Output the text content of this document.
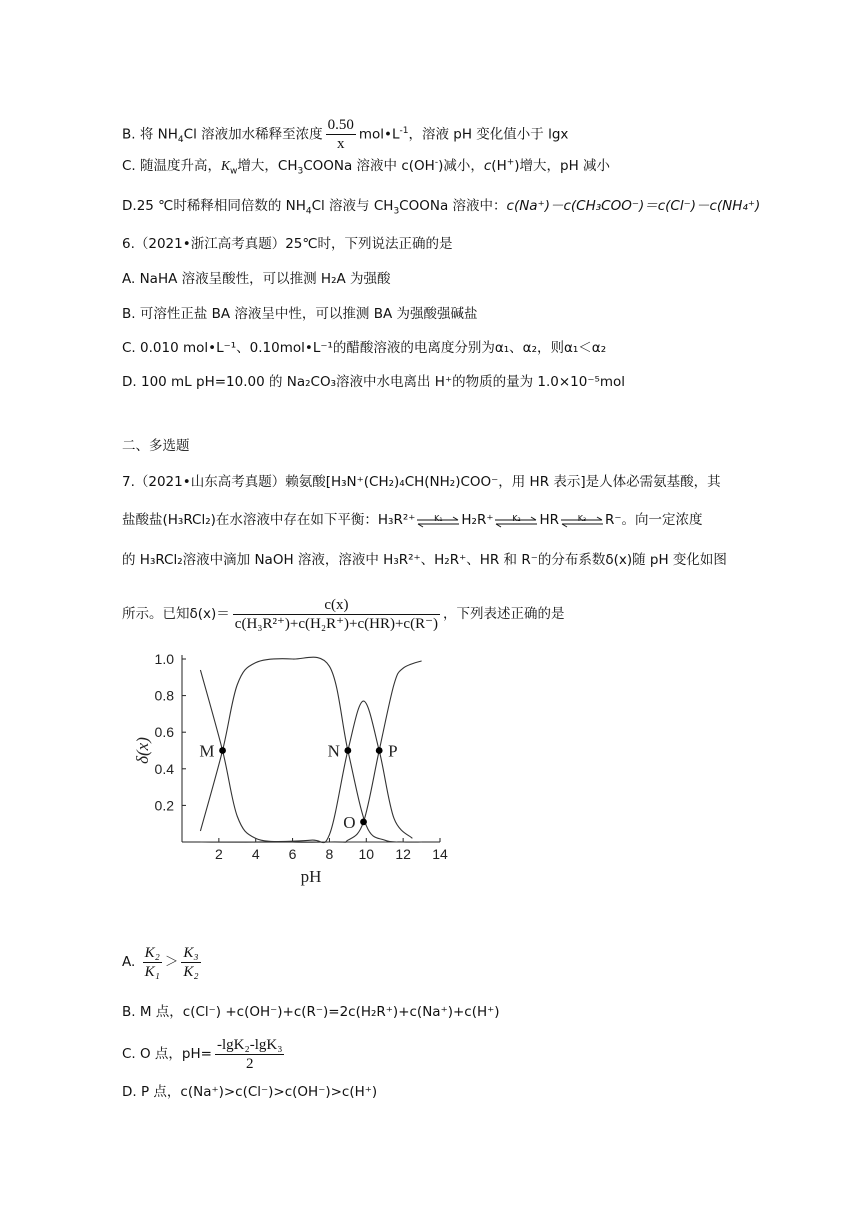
B. 将 $NH_4Cl$ 溶液加水稀释至浓度 $\frac{0.50}{x}$ $mol•L^{-1}$，溶液 pH 变化值小于 lgx
C. 随温度升高，$K_w$增大，$CH_3COONa$ 溶液中 c(OH-)减小，c(H+)增大，pH 减小
D.25 ℃时稀释相同倍数的 $NH_4Cl$ 溶液与 $CH_3COONa$ 溶液中：c(Na⁺)－c(CH₃COO⁻)＝c(Cl⁻)－c(NH₄⁺)
6.（2021•浙江高考真题）25℃时，下列说法正确的是
A. NaHA 溶液呈酸性，可以推测 H₂A 为强酸
B. 可溶性正盐 BA 溶液呈中性，可以推测 BA 为强酸强碱盐
C. 0.010 mol•L⁻¹、0.10mol•L⁻¹的醋酸溶液的电离度分别为α₁、α₂，则α₁＜α₂
D. 100 mL pH=10.00 的 Na₂CO₃溶液中水电离出 H⁺的物质的量为 1.0×10⁻⁵mol
二、多选题
7.（2021•山东高考真题）赖氨酸[H₃N⁺(CH₂)₄CH(NH₂)COO⁻，用 HR 表示]是人体必需氨基酸，其
盐酸盐(H₃RCl₂)在水溶液中存在如下平衡：H₃R²⁺	K₁	H₂R⁺	K₂	HR	K₃	R⁻。向一定浓度
的 H₃RCl₂溶液中滴加 NaOH 溶液，溶液中 H₃R²⁺、H₂R⁺、HR 和 R⁻的分布系数δ(x)随 pH 变化如图
所示。已知$\delta(x)= \frac{c(x)}{\text{c(H₃R²⁺)+c(H₂R⁺)+c(HR)+c(R⁻)}}$ ，下列表述正确的是
2 4 6 8 10 12 14
0.2
0.4
0.6
0.8
1.0
pH
δ(x)	M	N	P
O
A. $\frac{\text{K₂}}{\text{K₁}} > \frac{\text{K₃}}{\text{K₂}}$
B. M 点，c(Cl⁻) +c(OH⁻)+c(R⁻)=2c(H₂R⁺)+c(Na⁺)+c(H⁺)
C. O 点，$pH= \frac{\text{-lgK₂-lgK₃}}{2}$
D. P 点，c(Na⁺)>c(Cl⁻)>c(OH⁻)>c(H⁺)
